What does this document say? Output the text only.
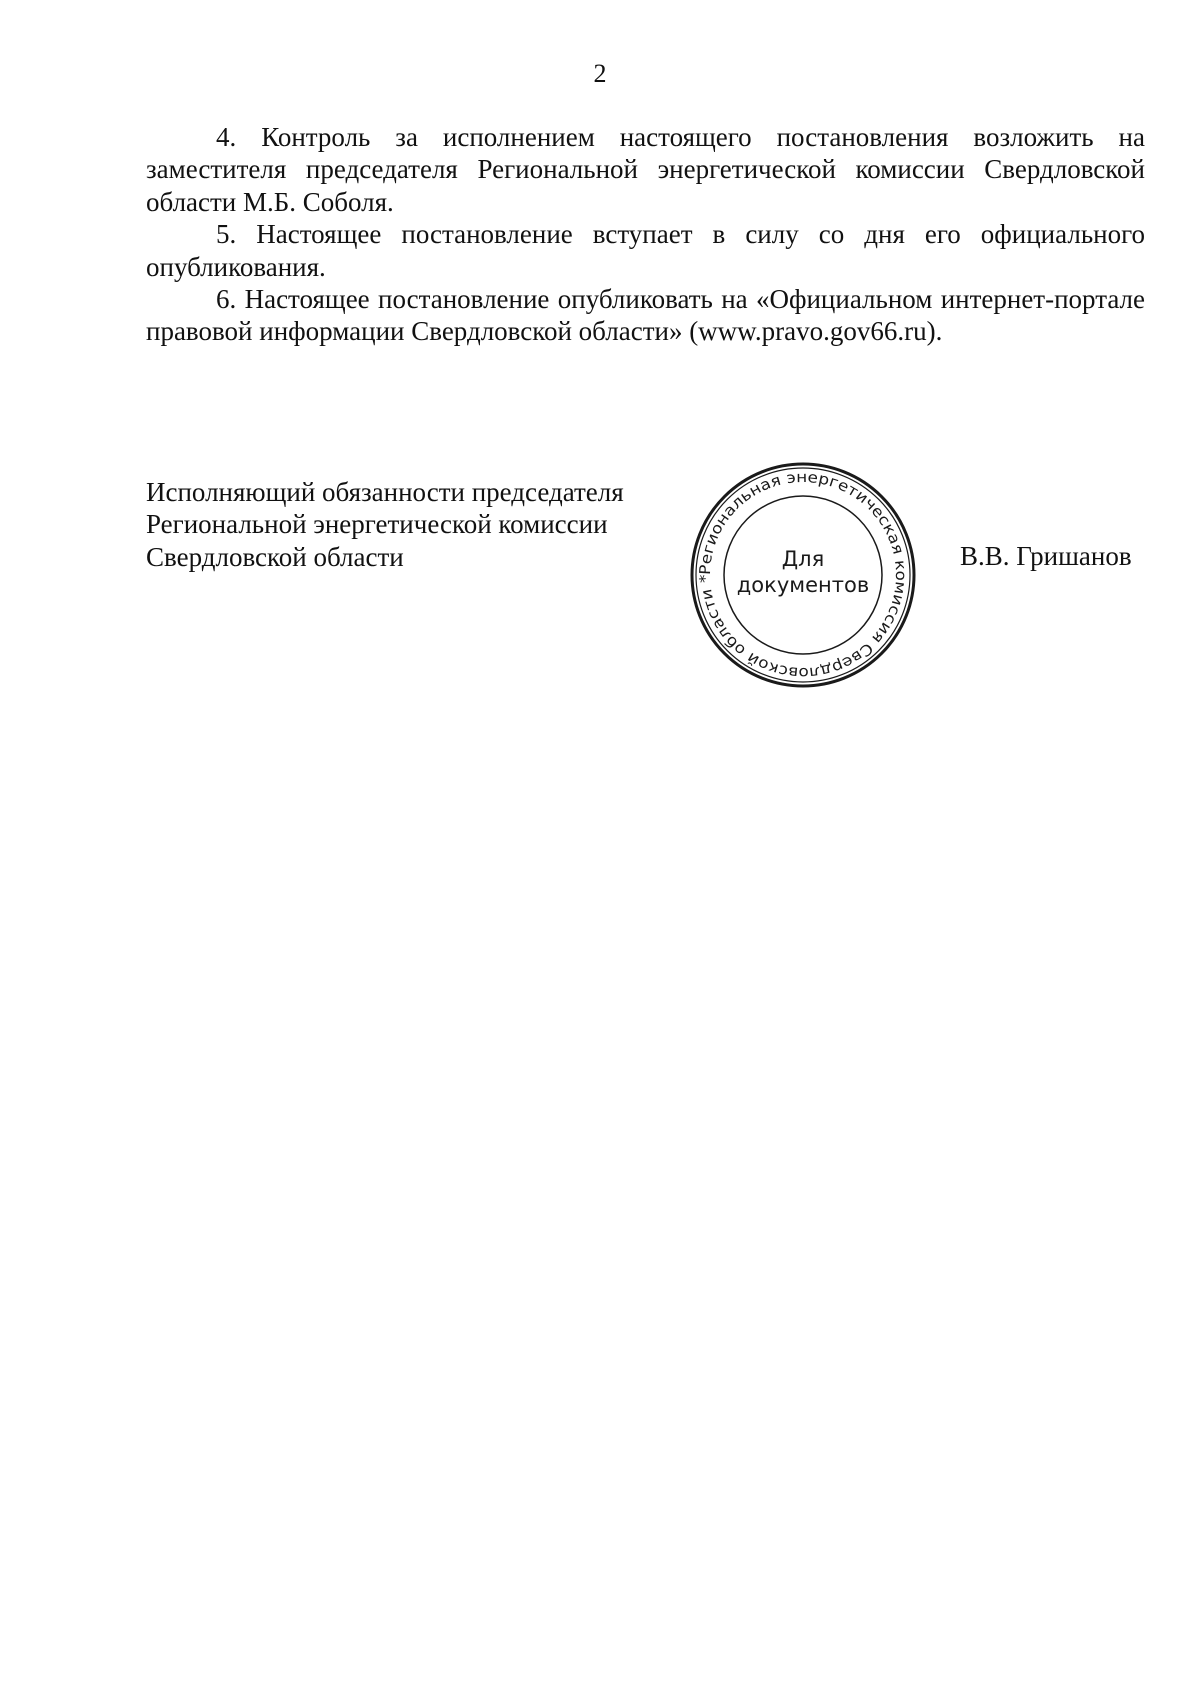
2

4. Контроль за исполнением настоящего постановления возложить на заместителя председателя Региональной энергетической комиссии Свердловской области М.Б. Соболя.

5. Настоящее постановление вступает в силу со дня его официального опубликования.

6. Настоящее постановление опубликовать на «Официальном интернет-портале правовой информации Свердловской области» (www.pravo.gov66.ru).

Исполняющий обязанности председателя
Региональной энергетической комиссии
Свердловской области	Региональная энергетическая комиссия Свердловской области *
Для
документов
В.В. Гришанов
